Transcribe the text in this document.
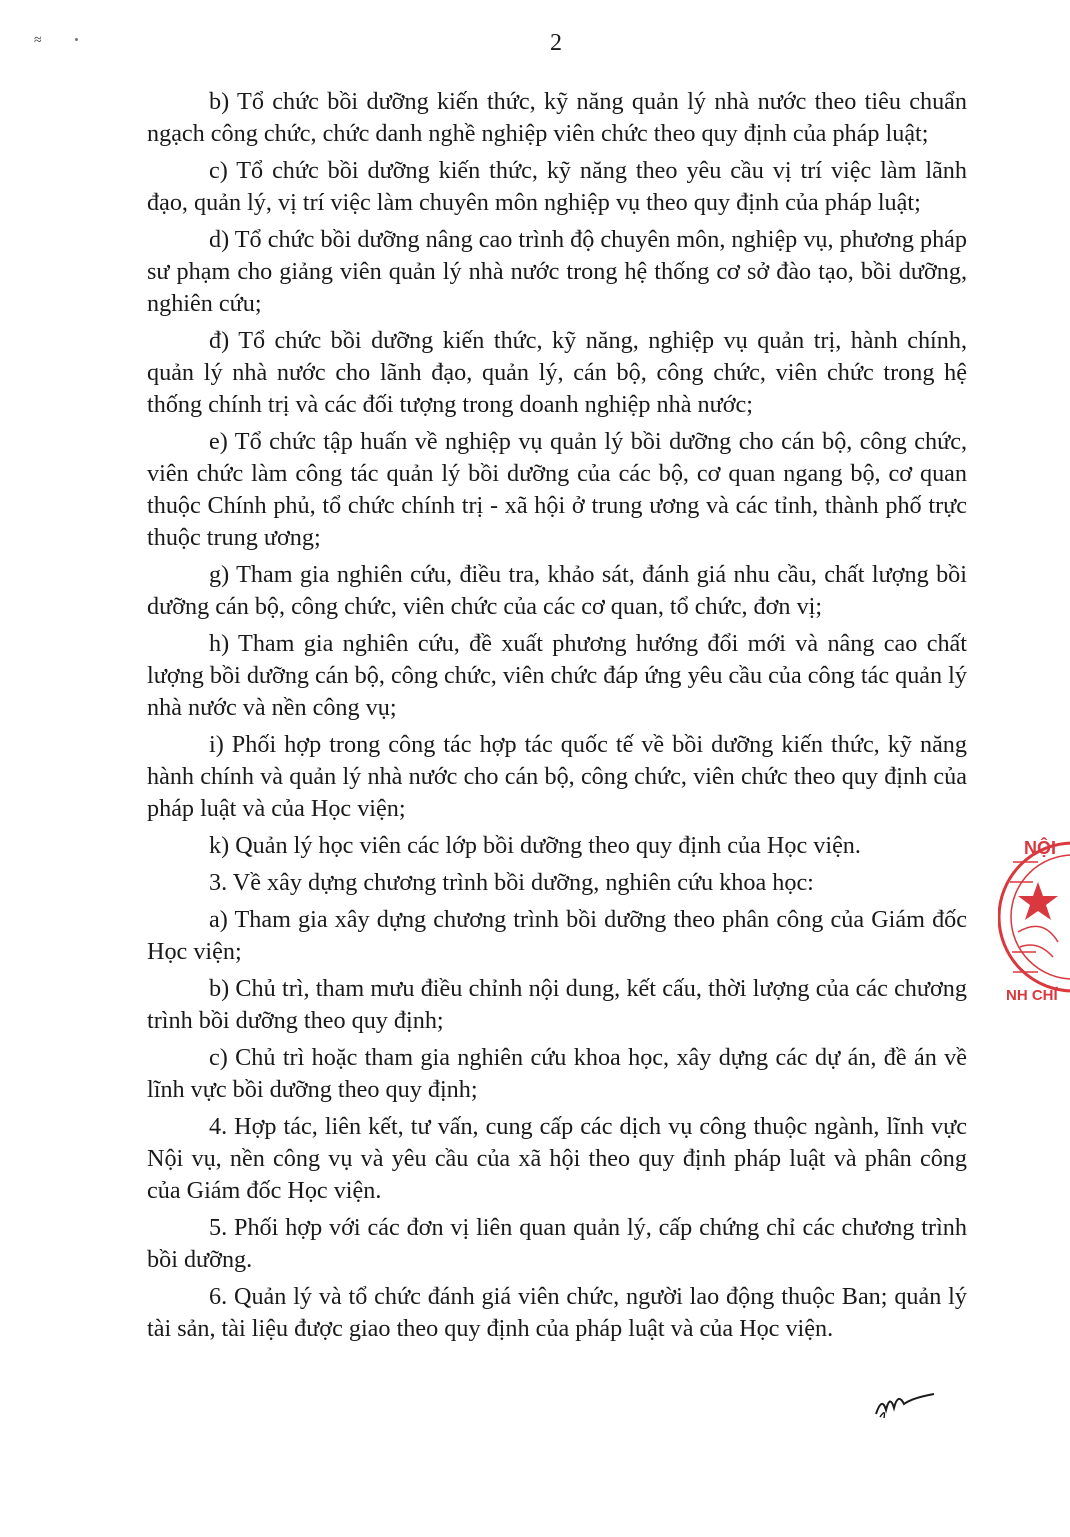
≈	2

b) Tổ chức bồi dưỡng kiến thức, kỹ năng quản lý nhà nước theo tiêu chuẩn ngạch công chức, chức danh nghề nghiệp viên chức theo quy định của pháp luật;

c) Tổ chức bồi dưỡng kiến thức, kỹ năng theo yêu cầu vị trí việc làm lãnh đạo, quản lý, vị trí việc làm chuyên môn nghiệp vụ theo quy định của pháp luật;

d) Tổ chức bồi dưỡng nâng cao trình độ chuyên môn, nghiệp vụ, phương pháp sư phạm cho giảng viên quản lý nhà nước trong hệ thống cơ sở đào tạo, bồi dưỡng, nghiên cứu;

đ) Tổ chức bồi dưỡng kiến thức, kỹ năng, nghiệp vụ quản trị, hành chính, quản lý nhà nước cho lãnh đạo, quản lý, cán bộ, công chức, viên chức trong hệ thống chính trị và các đối tượng trong doanh nghiệp nhà nước;

e) Tổ chức tập huấn về nghiệp vụ quản lý bồi dưỡng cho cán bộ, công chức, viên chức làm công tác quản lý bồi dưỡng của các bộ, cơ quan ngang bộ, cơ quan thuộc Chính phủ, tổ chức chính trị - xã hội ở trung ương và các tỉnh, thành phố trực thuộc trung ương;

g) Tham gia nghiên cứu, điều tra, khảo sát, đánh giá nhu cầu, chất lượng bồi dưỡng cán bộ, công chức, viên chức của các cơ quan, tổ chức, đơn vị;

h) Tham gia nghiên cứu, đề xuất phương hướng đổi mới và nâng cao chất lượng bồi dưỡng cán bộ, công chức, viên chức đáp ứng yêu cầu của công tác quản lý nhà nước và nền công vụ;

i) Phối hợp trong công tác hợp tác quốc tế về bồi dưỡng kiến thức, kỹ năng hành chính và quản lý nhà nước cho cán bộ, công chức, viên chức theo quy định của pháp luật và của Học viện;

k) Quản lý học viên các lớp bồi dưỡng theo quy định của Học viện.

3. Về xây dựng chương trình bồi dưỡng, nghiên cứu khoa học:

a) Tham gia xây dựng chương trình bồi dưỡng theo phân công của Giám đốc Học viện;

b) Chủ trì, tham mưu điều chỉnh nội dung, kết cấu, thời lượng của các chương trình bồi dưỡng theo quy định;

c) Chủ trì hoặc tham gia nghiên cứu khoa học, xây dựng các dự án, đề án về lĩnh vực bồi dưỡng theo quy định;

4. Hợp tác, liên kết, tư vấn, cung cấp các dịch vụ công thuộc ngành, lĩnh vực Nội vụ, nền công vụ và yêu cầu của xã hội theo quy định pháp luật và phân công của Giám đốc Học viện.

5. Phối hợp với các đơn vị liên quan quản lý, cấp chứng chỉ các chương trình bồi dưỡng.

6. Quản lý và tổ chức đánh giá viên chức, người lao động thuộc Ban; quản lý tài sản, tài liệu được giao theo quy định của pháp luật và của Học viện.

NỘI
NH CHÍ
